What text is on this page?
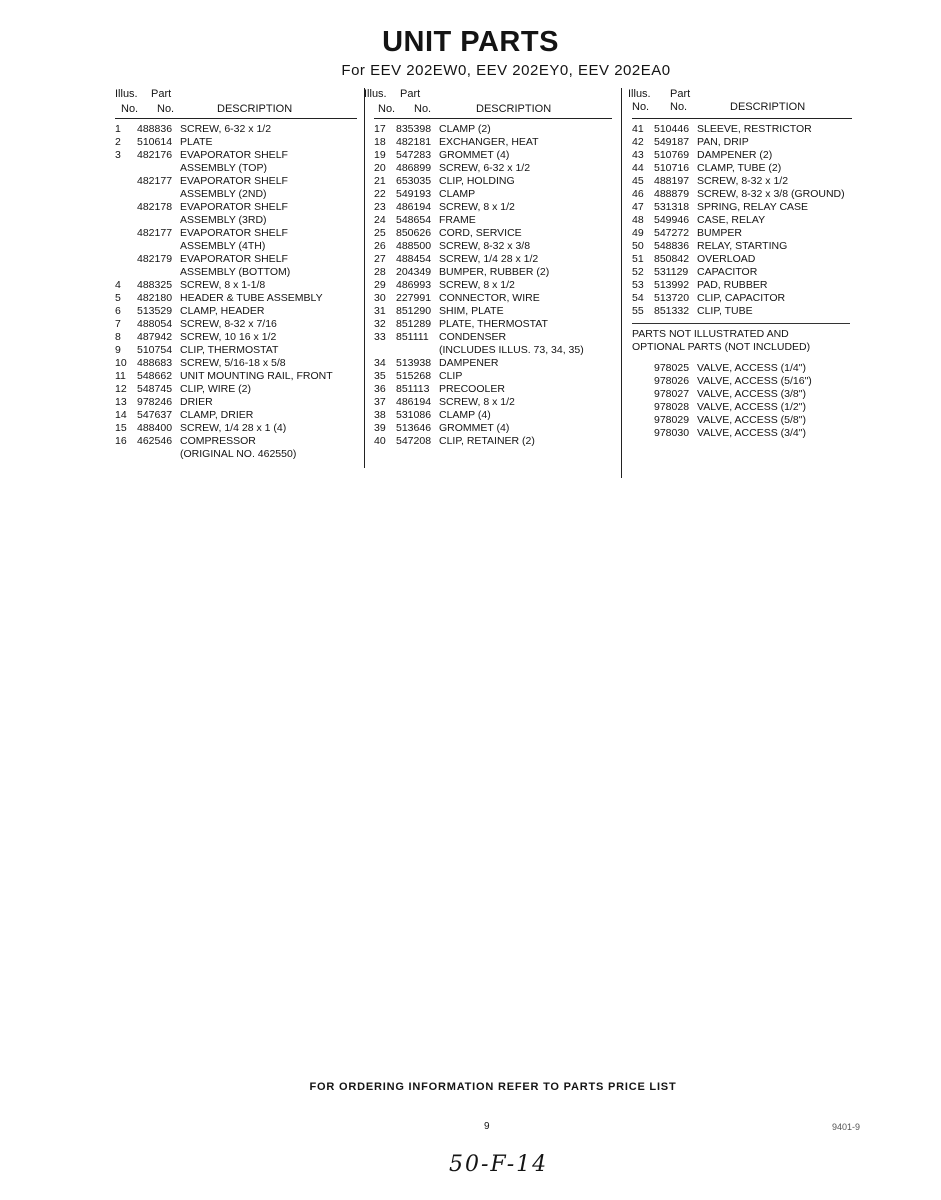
UNIT PARTS
For EEV 202EW0, EEV 202EY0, EEV 202EA0
Illus. Part
No. No.	DESCRIPTION
1	488836 SCREW, 6-32 x 1/2
2	510614 PLATE
3	482176 EVAPORATOR SHELF
ASSEMBLY (TOP)
482177 EVAPORATOR SHELF
ASSEMBLY (2ND)
482178 EVAPORATOR SHELF
ASSEMBLY (3RD)
482177 EVAPORATOR SHELF
ASSEMBLY (4TH)
482179 EVAPORATOR SHELF
ASSEMBLY (BOTTOM)
4	488325 SCREW, 8 x 1-1/8
5	482180 HEADER & TUBE ASSEMBLY
6	513529 CLAMP, HEADER
7	488054 SCREW, 8-32 x 7/16
8	487942 SCREW, 10 16 x 1/2
9	510754 CLIP, THERMOSTAT
10 488683 SCREW, 5/16-18 x 5/8
11	548662 UNIT MOUNTING RAIL, FRONT
12 548745 CLIP, WIRE (2)
13 978246 DRIER
14 547637 CLAMP, DRIER
15 488400 SCREW, 1/4 28 x 1 (4)
16 462546 COMPRESSOR
(ORIGINAL NO. 462550)
Illus. Part
No. No.	DESCRIPTION
17 835398 CLAMP (2)
18 482181 EXCHANGER, HEAT
19 547283 GROMMET (4)
20 486899 SCREW, 6-32 x 1/2
21 653035 CLIP, HOLDING
22 549193 CLAMP
23 486194 SCREW, 8 x 1/2
24 548654 FRAME
25 850626 CORD, SERVICE
26 488500 SCREW, 8-32 x 3/8
27 488454 SCREW, 1/4 28 x 1/2
28 204349 BUMPER, RUBBER (2)
29 486993 SCREW, 8 x 1/2
30 227991 CONNECTOR, WIRE
31 851290 SHIM, PLATE
32 851289 PLATE, THERMOSTAT
33 851111 CONDENSER
(INCLUDES ILLUS. 73, 34, 35)
34 513938 DAMPENER
35 515268 CLIP
36 851113 PRECOOLER
37 486194 SCREW, 8 x 1/2
38 531086 CLAMP (4)
39 513646 GROMMET (4)
40 547208 CLIP, RETAINER (2)
Illus. Part
No. No.	DESCRIPTION
41 510446 SLEEVE, RESTRICTOR
42 549187 PAN, DRIP
43 510769 DAMPENER (2)
44 510716 CLAMP, TUBE (2)
45 488197 SCREW, 8-32 x 1/2
46 488879 SCREW, 8-32 x 3/8 (GROUND)
47 531318 SPRING, RELAY CASE
48 549946 CASE, RELAY
49 547272 BUMPER
50 548836 RELAY, STARTING
51 850842 OVERLOAD
52 531129 CAPACITOR
53 513992 PAD, RUBBER
54 513720 CLIP, CAPACITOR
55 851332 CLIP, TUBE
PARTS NOT ILLUSTRATED AND
OPTIONAL PARTS (NOT INCLUDED)
978025 VALVE, ACCESS (1/4")
978026 VALVE, ACCESS (5/16")
978027 VALVE, ACCESS (3/8")
978028 VALVE, ACCESS (1/2")
978029 VALVE, ACCESS (5/8")
978030 VALVE, ACCESS (3/4")
FOR ORDERING INFORMATION REFER TO PARTS PRICE LIST
9	9401-9
50-F-14
